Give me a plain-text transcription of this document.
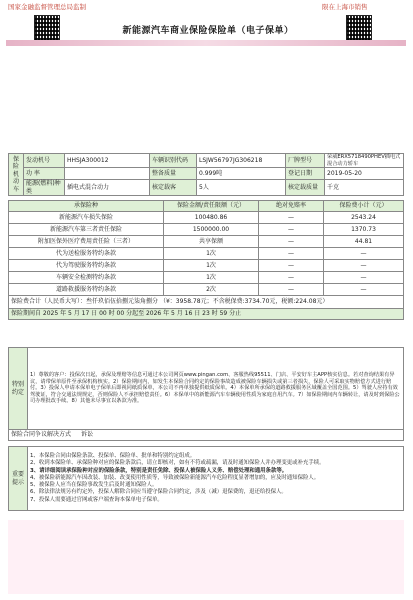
国家金融监督管理总局监制	限在上海市销售
新能源汽车商业保险保险单（电子保单）
保险机动车	发动机号	HHSJA300012	车辆识别代码	LSJW56797JG306218	厂牌型号	荣威ERX5718490PHEV插电式混合动力轿车
	功 率		整备质量	0.999吨	登记日期	2019-05-20
	能源(燃料)种类	插电式混合动力	核定载客	5人	核定载质量	千克
承保险种	保险金额/责任限额（元）	绝对免赔率	保险费小计（元）
新能源汽车损失保险	100480.86	—	2543.24
新能源汽车第三者责任保险	1500000.00	—	1370.73
附加医保外医疗费用责任险（三者）	共享保额	—	44.81
代为送检服务特约条款	1次	—	—
代为驾驶服务特约条款	1次	—	—
车辆安全检测特约条款	1次	—	—
道路救援服务特约条款	2次	—	—
保险费合计（人民币大写）：叁仟玖佰伍拾捌元柒角捌分 （¥：3958.78元；不含税保费:3734.70元，税额:224.08元）			
保险期间自 2025 年 5 月 17 日 00 时 00 分起至 2026 年 5 月 16 日 23 时 59 分止			
特别约定	1）尊敬的客户：投保次日起，承保及理赔等信息可通过本公司网页www.pingan.com、客服热线95511、门店、平安好车主APP核实信息。若对查询结果有异议，请带保单原件至承保机构核实。2）保险期间内，如发生本保险合同约定的保险事故造成被保险车辆损失或第三者损失，保险人可采取实物赔偿方式进行赔付。3）投保人申请本保单电子保单后即视同纸质保单，本公司不再单独提供纸质保单。4）本保单所承保的道路救援服务区域覆盖全国范围。5）驾驶人应持有效驾驶证，符合交通法规规定，否则保险人不承担赔偿责任。6）本保单中的新能源汽车车辆使用性质为家庭自用汽车。7）如保险期间内车辆转让，请及时到保险公司办理批改手续。8）其他未尽事宜以条款为准。
保险合同争议解决方式 诉讼
重要提示	
1、本保险合同由保险条款、投保单、保险单、批单和特别约定组成。
2、收到本保险单、承保险种对应的保险条款后，请立即核对，如有不符或疏漏，请及时通知保险人并办理变更或补充手续。
3、请详细阅读承保险种对应的保险条款，特别是责任免除、投保人被保险人义务、赔偿处理和通用条款等。
4、被保险新能源汽车因改装、加装、改变使用性质等，导致被保险新能源汽车危险程度显著增加的，应及时通知保险人。
5、被保险人应当在保险事故发生后及时通知保险人。
6、除法律法规另有约定外，投保人解除合同应当遵守保险合同约定，涉及（减）退保费的，退还给投保人。
7、投保人需要通过官网或客户端查询本保单电子保单。
